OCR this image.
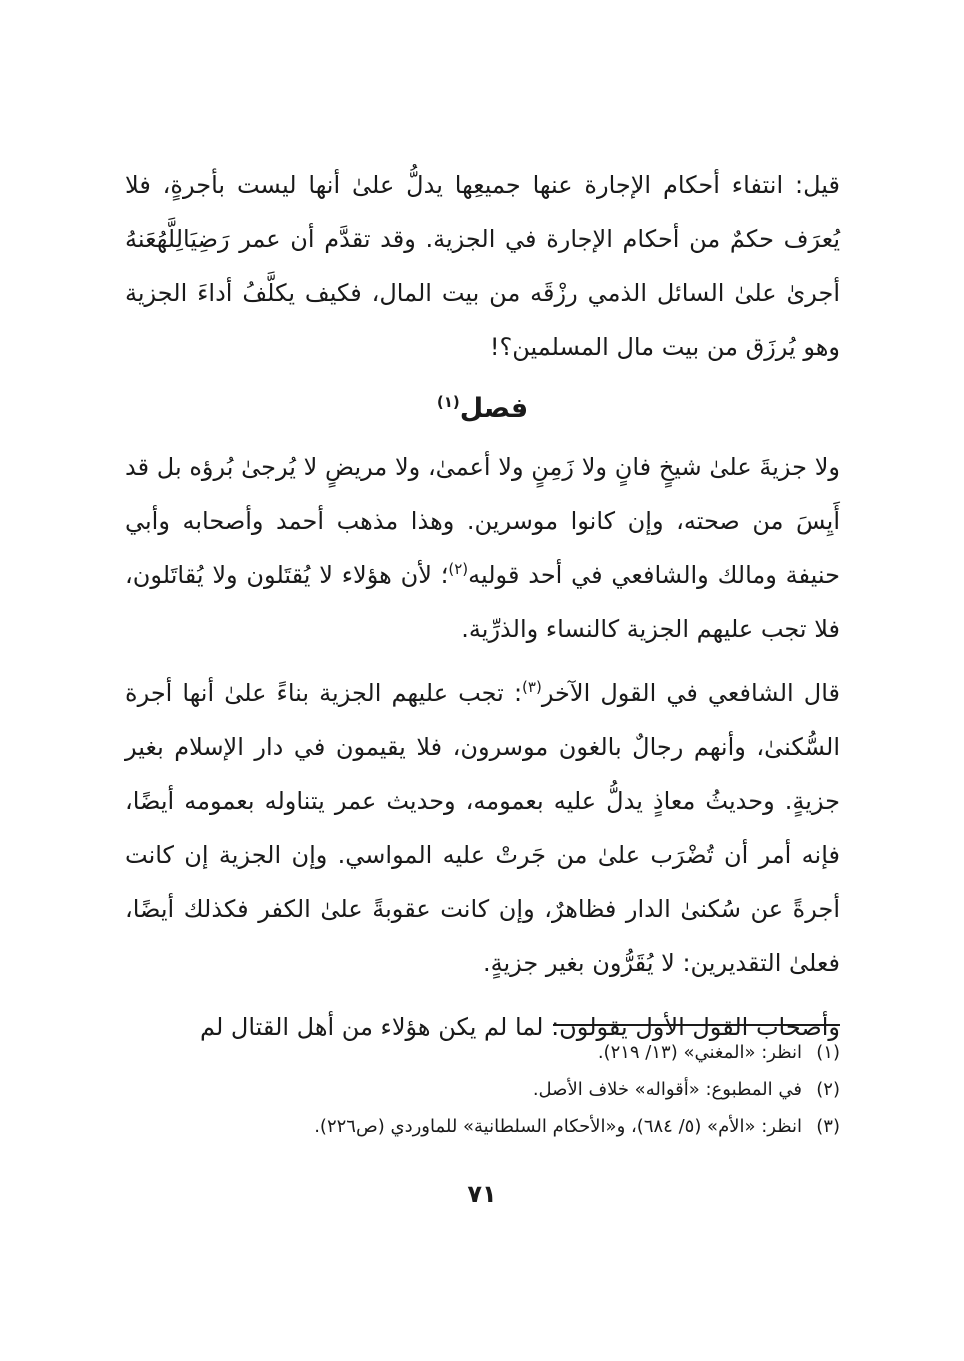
قيل: انتفاء أحكام الإجارة عنها جميعِها يدلُّ علىٰ أنها ليست بأجرةٍ، فلا يُعرَف حكمٌ من أحكام الإجارة في الجزية. وقد تقدَّم أن عمر رَضِيَالِلَّهُعَنهُ أجرىٰ علىٰ السائل الذمي رزْقَه من بيت المال، فكيف يكلَّفُ أداءَ الجزية وهو يُرزَق من بيت مال المسلمين؟!

فصل$^{(١)}$

ولا جزيةَ علىٰ شيخٍ فانٍ ولا زَمِنٍ ولا أعمىٰ، ولا مريضٍ لا يُرجىٰ بُرؤه بل قد أَيِسَ من صحته، وإن كانوا موسرين. وهذا مذهب أحمد وأصحابه وأبي حنيفة ومالك والشافعي في أحد قوليه$^{(٢)}$؛ لأن هؤلاء لا يُقتَلون ولا يُقاتَلون، فلا تجب عليهم الجزية كالنساء والذرِّية.

قال الشافعي في القول الآخر$^{(٣)}$: تجب عليهم الجزية بناءً علىٰ أنها أجرة السُّكنىٰ، وأنهم رجالٌ بالغون موسرون، فلا يقيمون في دار الإسلام بغير جزيةٍ. وحديثُ معاذٍ يدلُّ عليه بعمومه، وحديث عمر يتناوله بعمومه أيضًا، فإنه أمر أن تُضْرَب علىٰ من جَرتْ عليه المواسي. وإن الجزية إن كانت أجرةً عن سُكنىٰ الدار فظاهرٌ، وإن كانت عقوبةً علىٰ الكفر فكذلك أيضًا، فعلىٰ التقديرين: لا يُقَرُّون بغير جزيةٍ.

وأصحاب القول الأول يقولون: لما لم يكن هؤلاء من أهل القتال لم

(١)انظر: «المغني» (١٣/ ٢١٩).
(٢)في المطبوع: «أقواله» خلاف الأصل.
(٣)انظر: «الأم» (٥/ ٦٨٤)، و«الأحكام السلطانية» للماوردي (ص٢٢٦).
٧١
